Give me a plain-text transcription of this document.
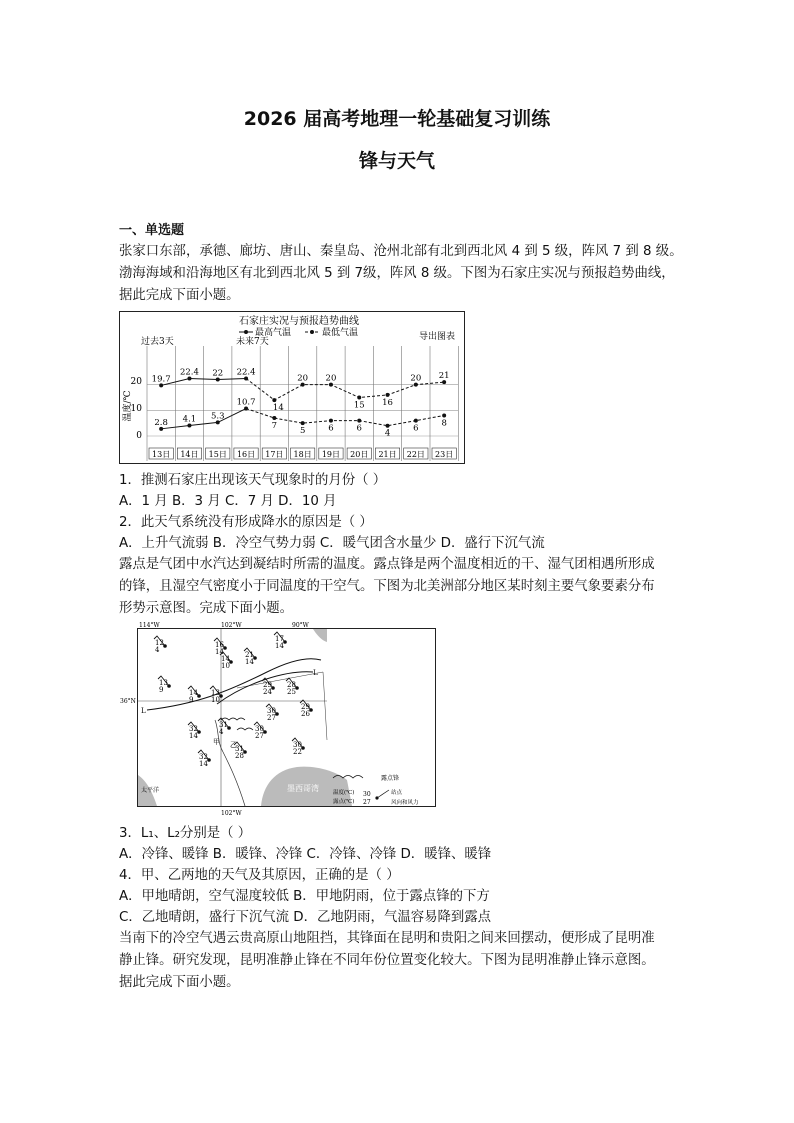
2026 届高考地理一轮基础复习训练
锋与天气
一、单选题
张家口东部，承德、廊坊、唐山、秦皇岛、沧州北部有北到西北风 4 到 5 级，阵风 7 到 8 级。
渤海海域和沿海地区有北到西北风 5 到 7级，阵风 8 级。下图为石家庄实况与预报趋势曲线，
据此完成下面小题。
石家庄实况与预报趋势曲线
最高气温	最低气温
过去3天	未来7天	导出图表
温度/℃
0
10
20
13日 14日 15日 16日 17日 18日 19日 20日 21日 22日 23日
19.7
22.4 22 22.4
14
20 20
15 16
20 21
2.8 4.1 5.3
10.7
7
5	6	6
4
6
8
1．推测石家庄出现该天气现象时的月份（ ）
A．1 月 B．3 月 C．7 月 D．10 月
2．此天气系统没有形成降水的原因是（ ）
A．上升气流弱 B．冷空气势力弱 C．暖气团含水量少 D．盛行下沉气流
露点是气团中水汽达到凝结时所需的温度。露点锋是两个温度相近的干、湿气团相遇所形成
的锋，且湿空气密度小于同温度的干空气。下图为北美洲部分地区某时刻主要气象要素分布
形势示意图。完成下面小题。
114°W	102°W	90°W
102°W
36°N
太平洋	墨西哥湾
L
L
甲 乙
12
4
16
14
17
14
14
10
21
14
13
9	14
9
13
10
29
24
28
25
29
26
30
27
31
4
32
14
30
27
31
28
32
14
30
22
露点锋
温度(℃)
露点(℃)
30
27
站点
风向和风力
3．L₁、L₂分别是（ ）
A．冷锋、暖锋 B．暖锋、冷锋 C．冷锋、冷锋 D．暖锋、暖锋
4．甲、乙两地的天气及其原因，正确的是（ ）
A．甲地晴朗，空气湿度较低 B．甲地阴雨，位于露点锋的下方
C．乙地晴朗，盛行下沉气流 D．乙地阴雨，气温容易降到露点
当南下的冷空气遇云贵高原山地阻挡，其锋面在昆明和贵阳之间来回摆动，便形成了昆明准
静止锋。研究发现，昆明准静止锋在不同年份位置变化较大。下图为昆明准静止锋示意图。
据此完成下面小题。
